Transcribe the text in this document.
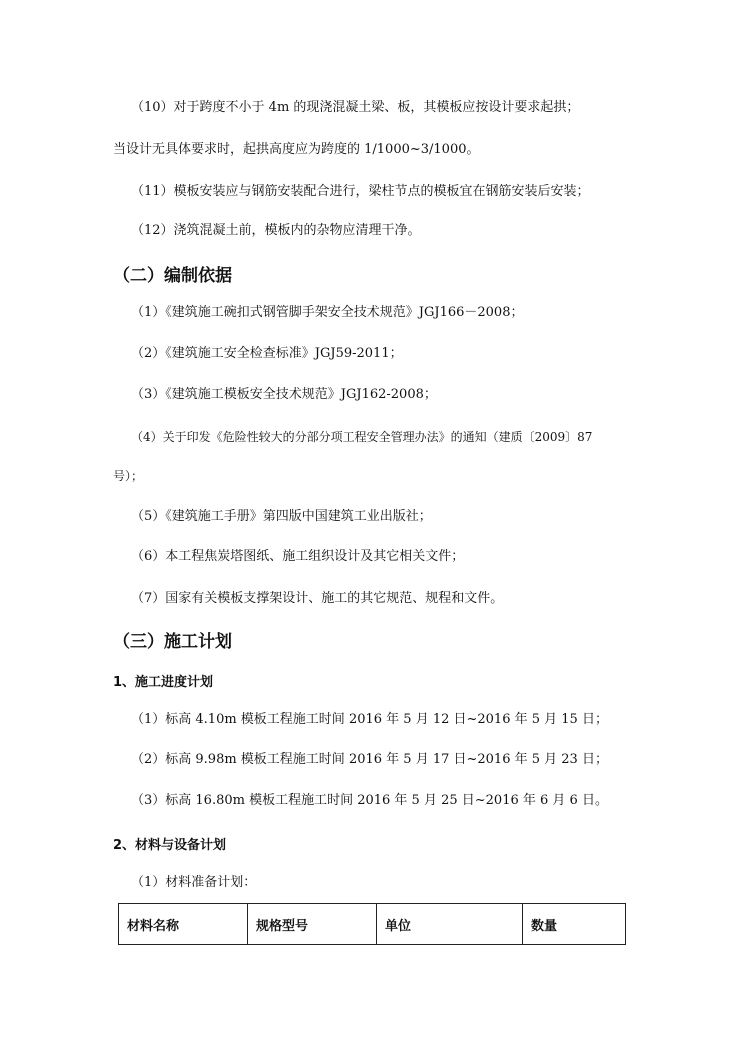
（10）对于跨度不小于 4m 的现浇混凝土梁、板，其模板应按设计要求起拱；
当设计无具体要求时，起拱高度应为跨度的 1/1000~3/1000。
（11）模板安装应与钢筋安装配合进行，梁柱节点的模板宜在钢筋安装后安装；
（12）浇筑混凝土前，模板内的杂物应清理干净。
（二）编制依据
（1）《建筑施工碗扣式钢管脚手架安全技术规范》JGJ166－2008；
（2）《建筑施工安全检查标准》JGJ59-2011；
（3）《建筑施工模板安全技术规范》JGJ162-2008；
（4）关于印发《危险性较大的分部分项工程安全管理办法》的通知（建质〔2009〕87
号）；
（5）《建筑施工手册》第四版中国建筑工业出版社；
（6）本工程焦炭塔图纸、施工组织设计及其它相关文件；
（7）国家有关模板支撑架设计、施工的其它规范、规程和文件。
（三）施工计划
1、施工进度计划
（1）标高 4.10m 模板工程施工时间 2016 年 5 月 12 日~2016 年 5 月 15 日；
（2）标高 9.98m 模板工程施工时间 2016 年 5 月 17 日~2016 年 5 月 23 日；
（3）标高 16.80m 模板工程施工时间 2016 年 5 月 25 日~2016 年 6 月 6 日。
2、材料与设备计划
（1）材料准备计划：
材料名称	规格型号	单位	数量
